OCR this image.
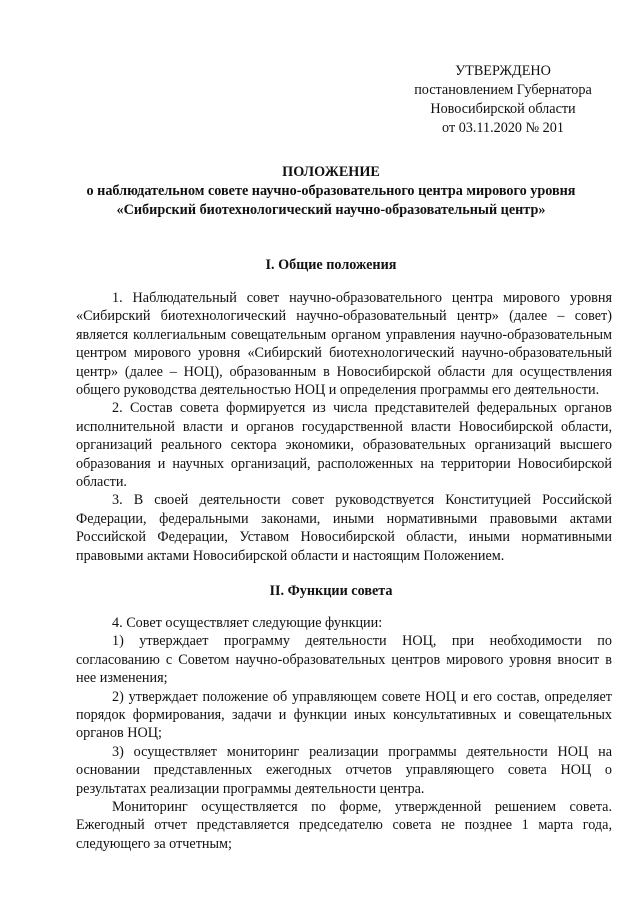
УТВЕРЖДЕНО
постановлением Губернатора
Новосибирской области
от 03.11.2020 № 201
ПОЛОЖЕНИЕ
о наблюдательном совете научно-образовательного центра мирового уровня
«Сибирский биотехнологический научно-образовательный центр»
I. Общие положения

1. Наблюдательный совет научно-образовательного центра мирового уровня «Сибирский биотехнологический научно-образовательный центр» (далее – совет) является коллегиальным совещательным органом управления научно-образовательным центром мирового уровня «Сибирский биотехнологический научно-образовательный центр» (далее – НОЦ), образованным в Новосибирской области для осуществления общего руководства деятельностью НОЦ и определения программы его деятельности.

2. Состав совета формируется из числа представителей федеральных органов исполнительной власти и органов государственной власти Новосибирской области, организаций реального сектора экономики, образовательных организаций высшего образования и научных организаций, расположенных на территории Новосибирской области.

3. В своей деятельности совет руководствуется Конституцией Российской Федерации, федеральными законами, иными нормативными правовыми актами Российской Федерации, Уставом Новосибирской области, иными нормативными правовыми актами Новосибирской области и настоящим Положением.

II. Функции совета

4. Совет осуществляет следующие функции:

1) утверждает программу деятельности НОЦ, при необходимости по согласованию с Советом научно-образовательных центров мирового уровня вносит в нее изменения;

2) утверждает положение об управляющем совете НОЦ и его состав, определяет порядок формирования, задачи и функции иных консультативных и совещательных органов НОЦ;

3) осуществляет мониторинг реализации программы деятельности НОЦ на основании представленных ежегодных отчетов управляющего совета НОЦ о результатах реализации программы деятельности центра.

Мониторинг осуществляется по форме, утвержденной решением совета. Ежегодный отчет представляется председателю совета не позднее 1 марта года, следующего за отчетным;
